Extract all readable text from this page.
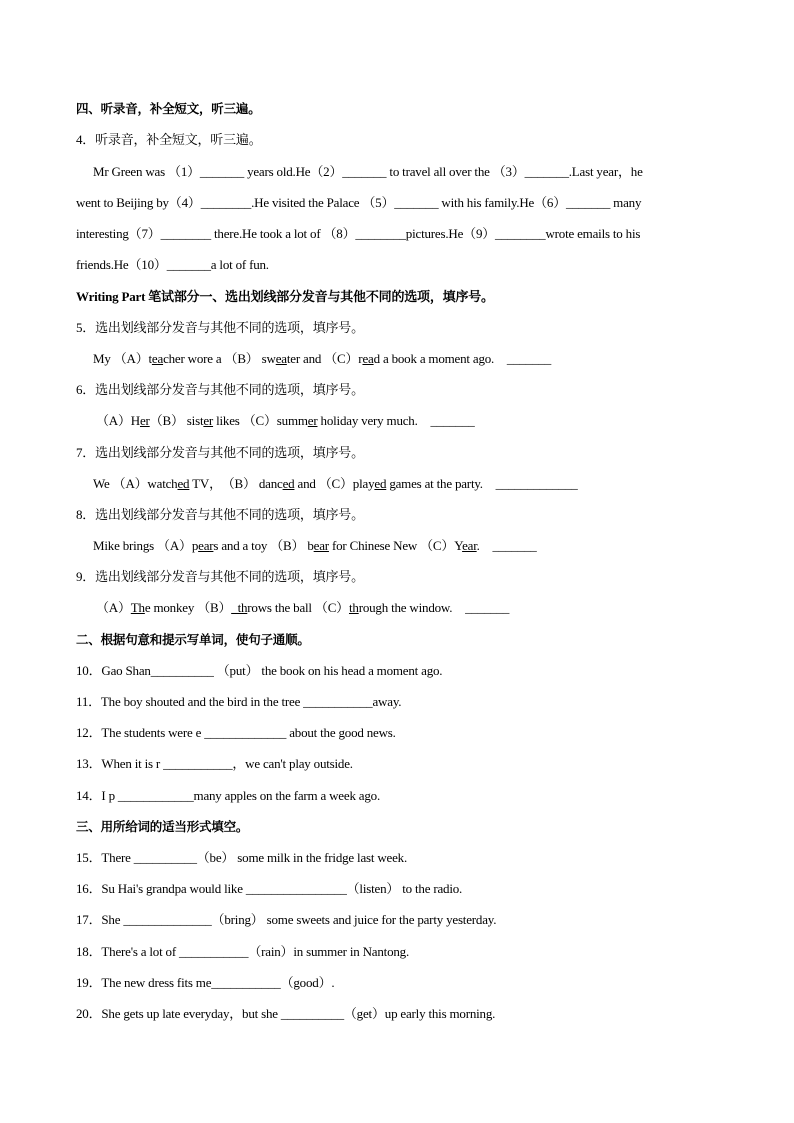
四、听录音，补全短文，听三遍。
4．听录音，补全短文，听三遍。
Mr Green was （1）_______ years old.He（2）_______ to travel all over the （3）_______.Last year，he
went to Beijing by（4）________.He visited the Palace （5）_______ with his family.He（6）_______ many
interesting（7）________ there.He took a lot of （8）________pictures.He（9）________wrote emails to his
friends.He（10）_______a lot of fun.
Writing Part 笔试部分一、选出划线部分发音与其他不同的选项，填序号。
5．选出划线部分发音与其他不同的选项，填序号。
My （A）teacher wore a （B） sweater and （C）read a book a moment ago.　_______
6．选出划线部分发音与其他不同的选项，填序号。
（A）Her（B） sister likes （C）summer holiday very much.　_______
7．选出划线部分发音与其他不同的选项，填序号。
We （A）watched TV，　（B） danced and （C）played games at the party.　_____________
8．选出划线部分发音与其他不同的选项，填序号。
Mike brings （A）pears and a toy （B） bear for Chinese New （C）Year.　_______
9．选出划线部分发音与其他不同的选项，填序号。
（A）The monkey （B）_throws the ball （C）through the window.　_______
二、根据句意和提示写单词，使句子通顺。
10．Gao Shan__________ （put） the book on his head a moment ago.
11．The boy shouted and the bird in the tree ___________away.
12．The students were e _____________ about the good news.
13．When it is r ___________，we can't play outside.
14．I p ____________many apples on the farm a week ago.
三、用所给词的适当形式填空。
15．There __________（be） some milk in the fridge last week.
16．Su Hai's grandpa would like ________________（listen） to the radio.
17．She ______________（bring） some sweets and juice for the party yesterday.
18．There's a lot of ___________（rain）in summer in Nantong.
19．The new dress fits me___________（good）.
20．She gets up late everyday，but she __________（get）up early this morning.
